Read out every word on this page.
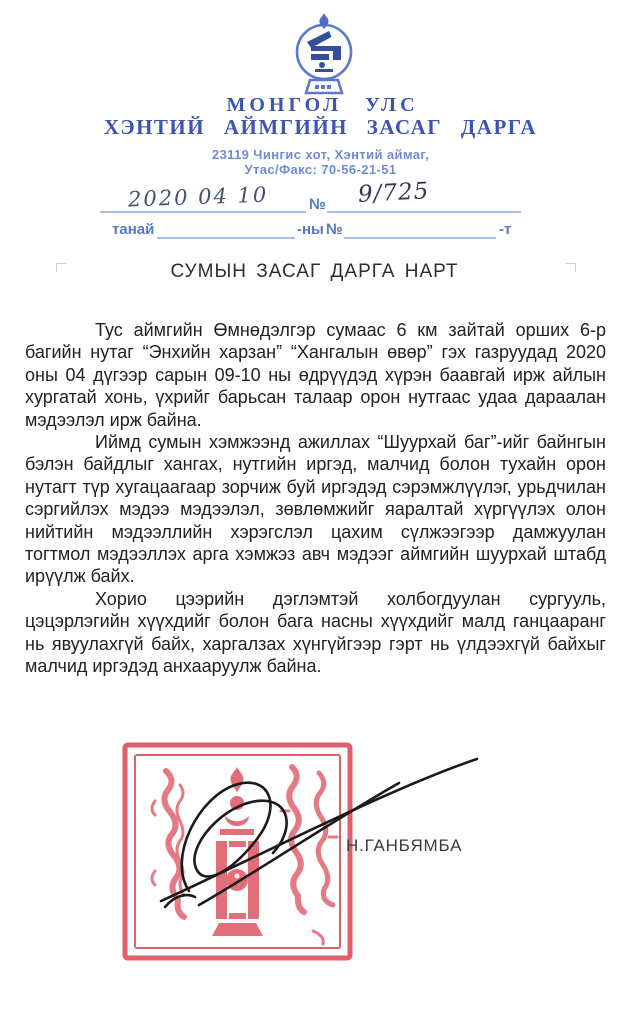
МОНГОЛ УЛС
ХЭНТИЙ АЙМГИЙН ЗАСАГ ДАРГА
23119 Чингис хот, Хэнтий аймаг,
Утас/Факс: 70-56-21-51
№
2020 04 10	9/725
танай	-ны №	-т
СУМЫН ЗАСАГ ДАРГА НАРТ

Тус аймгийн Өмнөдэлгэр сумаас 6 км зайтай орших 6-р багийн нутаг “Энхийн харзан” “Хангалын өвөр” гэх газруудад 2020 оны 04 дүгээр сарын 09-10 ны өдрүүдэд хүрэн баавгай ирж айлын хургатай хонь, үхрийг барьсан талаар орон нутгаас удаа дараалан мэдээлэл ирж байна.

Иймд сумын хэмжээнд ажиллах “Шуурхай баг”-ийг байнгын бэлэн байдлыг хангах, нутгийн иргэд, малчид болон тухайн орон нутагт түр хугацаагаар зорчиж буй иргэдэд сэрэмжлүүлэг, урьдчилан сэргийлэх мэдээ мэдээлэл, зөвлөмжийг яаралтай хүргүүлэх олон нийтийн мэдээллийн хэрэгслэл цахим сүлжээгээр дамжуулан тогтмол мэдээллэх арга хэмжэз авч мэдээг аймгийн шуурхай штабд ирүүлж байх.

Хорио цээрийн дэглэмтэй холбогдуулан сургууль, цэцэрлэгийн хүүхдийг болон бага насны хүүхдийг малд ганцааранг нь явуулахгүй байх, харгалзах хүнгүйгээр гэрт нь үлдээхгүй байхыг малчид иргэдэд анхааруулж байна.

Н.ГАНБЯМБА
